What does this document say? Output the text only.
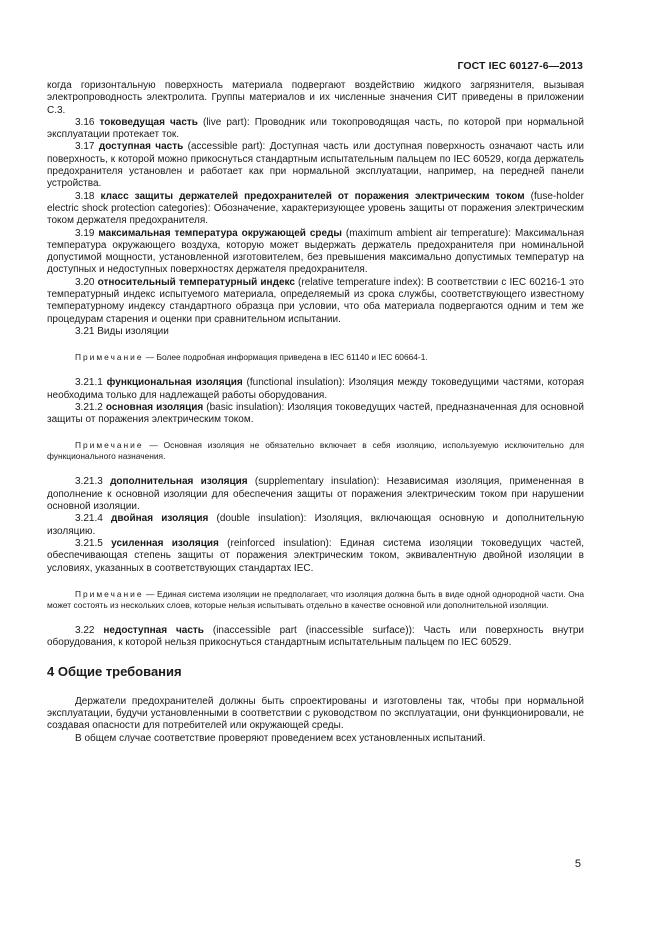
ГОСТ IEC 60127-6—2013

когда горизонтальную поверхность материала подвергают воздействию жидкого загрязнителя, вызывая электропроводность электролита. Группы материалов и их численные значения СИТ приведены в приложении С.3.

3.16 токоведущая часть (live part): Проводник или токопроводящая часть, по которой при нормальной эксплуатации протекает ток.

3.17 доступная часть (accessible part): Доступная часть или доступная поверхность означают часть или поверхность, к которой можно прикоснуться стандартным испытательным пальцем по IEC 60529, когда держатель предохранителя установлен и работает как при нормальной эксплуатации, например, на передней панели устройства.

3.18 класс защиты держателей предохранителей от поражения электрическим током (fuse-holder electric shock protection categories): Обозначение, характеризующее уровень защиты от поражения электрическим током держателя предохранителя.

3.19 максимальная температура окружающей среды (maximum ambient air temperature): Максимальная температура окружающего воздуха, которую может выдержать держатель предохранителя при номинальной допустимой мощности, установленной изготовителем, без превышения максимально допустимых температур на доступных и недоступных поверхностях держателя предохранителя.

3.20 относительный температурный индекс (relative temperature index): В соответствии с IEC 60216-1 это температурный индекс испытуемого материала, определяемый из срока службы, соответствующего известному температурному индексу стандартного образца при условии, что оба материала подвергаются одним и тем же процедурам старения и оценки при сравнительном испытании.

3.21 Виды изоляции

Примечание — Более подробная информация приведена в IEC 61140 и IEC 60664-1.

3.21.1 функциональная изоляция (functional insulation): Изоляция между токоведущими частями, которая необходима только для надлежащей работы оборудования.

3.21.2 основная изоляция (basic insulation): Изоляция токоведущих частей, предназначенная для основной защиты от поражения электрическим током.

Примечание — Основная изоляция не обязательно включает в себя изоляцию, используемую исключительно для функционального назначения.

3.21.3 дополнительная изоляция (supplementary insulation): Независимая изоляция, примененная в дополнение к основной изоляции для обеспечения защиты от поражения электрическим током при нарушении основной изоляции.

3.21.4 двойная изоляция (double insulation): Изоляция, включающая основную и дополнительную изоляцию.

3.21.5 усиленная изоляция (reinforced insulation): Единая система изоляции токоведущих частей, обеспечивающая степень защиты от поражения электрическим током, эквивалентную двойной изоляции в условиях, указанных в соответствующих стандартах IEC.

Примечание — Единая система изоляции не предполагает, что изоляция должна быть в виде одной однородной части. Она может состоять из нескольких слоев, которые нельзя испытывать отдельно в качестве основной или дополнительной изоляции.

3.22 недоступная часть (inaccessible part (inaccessible surface)): Часть или поверхность внутри оборудования, к которой нельзя прикоснуться стандартным испытательным пальцем по IEC 60529.

4 Общие требования

Держатели предохранителей должны быть спроектированы и изготовлены так, чтобы при нормальной эксплуатации, будучи установленными в соответствии с руководством по эксплуатации, они функционировали, не создавая опасности для потребителей или окружающей среды.

В общем случае соответствие проверяют проведением всех установленных испытаний.

5
